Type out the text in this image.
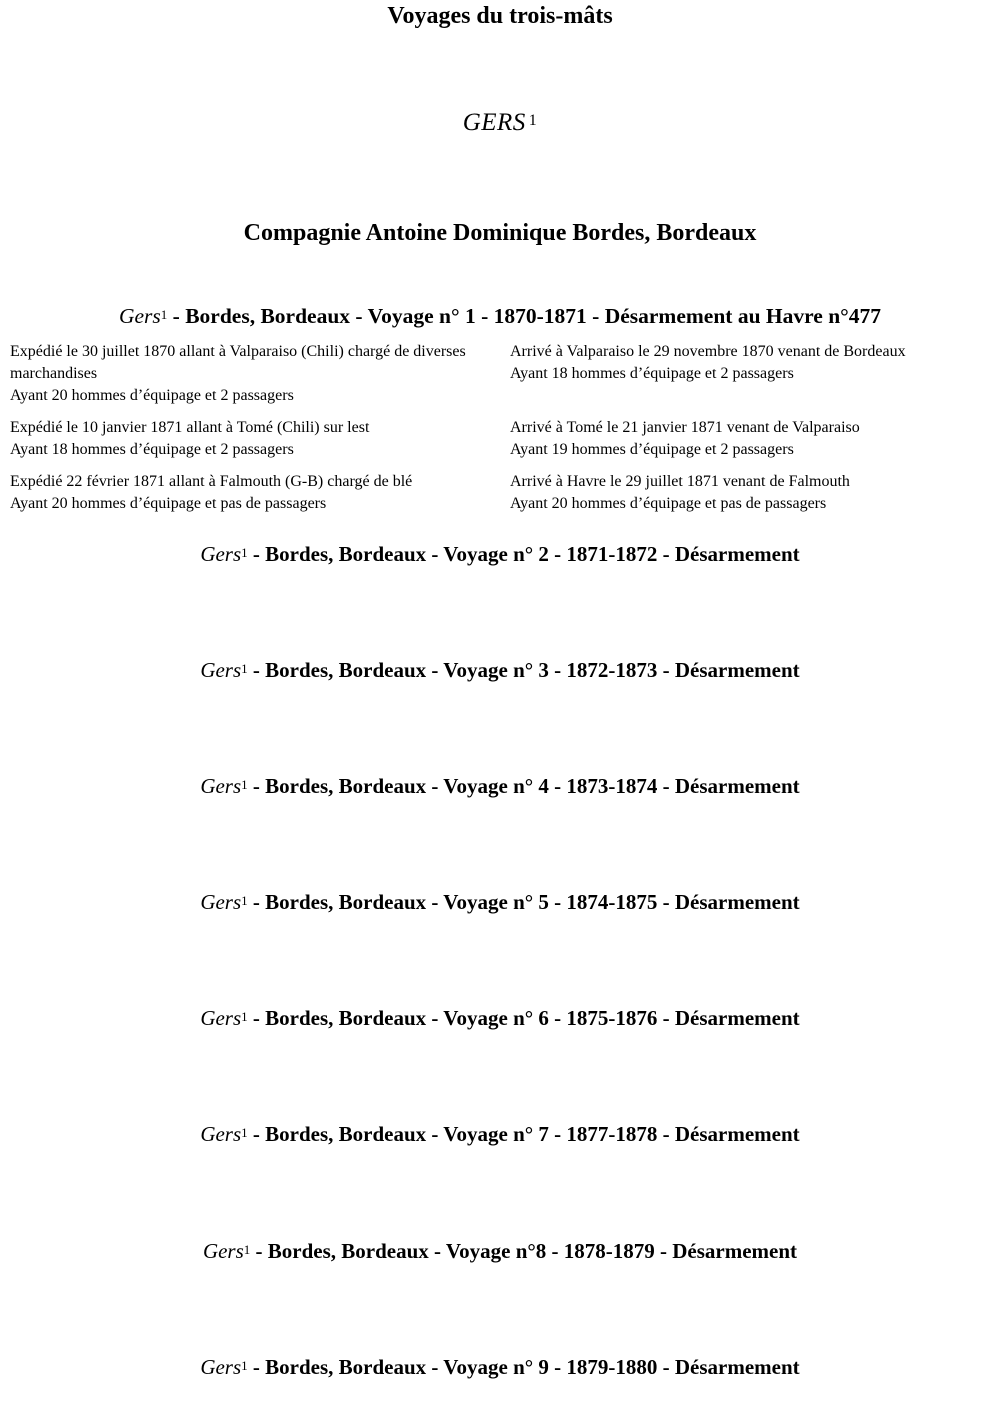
Voyages du trois-mâts
GERS $^1$
Compagnie Antoine Dominique Bordes, Bordeaux
Gers$^1$ - Bordes, Bordeaux - Voyage n° 1 - 1870-1871 - Désarmement au Havre n°477

Expédié le 30 juillet 1870 allant à Valparaiso (Chili) chargé de diverses marchandises

Ayant 20 hommes d’équipage et 2 passagers

Arrivé à Valparaiso le 29 novembre 1870 venant de Bordeaux

Ayant 18 hommes d’équipage et 2 passagers

Expédié le 10 janvier 1871 allant à Tomé (Chili) sur lest

Ayant 18 hommes d’équipage et 2 passagers

Arrivé à Tomé le 21 janvier 1871 venant de Valparaiso

Ayant 19 hommes d’équipage et 2 passagers

Expédié 22 février 1871 allant à Falmouth (G-B) chargé de blé

Ayant 20 hommes d’équipage et pas de passagers

Arrivé à Havre le 29 juillet 1871 venant de Falmouth

Ayant 20 hommes d’équipage et pas de passagers

Gers$^1$ - Bordes, Bordeaux - Voyage n° 2 - 1871-1872 - Désarmement
Gers$^1$ - Bordes, Bordeaux - Voyage n° 3 - 1872-1873 - Désarmement
Gers$^1$ - Bordes, Bordeaux - Voyage n° 4 - 1873-1874 - Désarmement
Gers$^1$ - Bordes, Bordeaux - Voyage n° 5 - 1874-1875 - Désarmement
Gers$^1$ - Bordes, Bordeaux - Voyage n° 6 - 1875-1876 - Désarmement
Gers$^1$ - Bordes, Bordeaux - Voyage n° 7 - 1877-1878 - Désarmement
Gers$^1$ - Bordes, Bordeaux - Voyage n°8 - 1878-1879 - Désarmement
Gers$^1$ - Bordes, Bordeaux - Voyage n° 9 - 1879-1880 - Désarmement
